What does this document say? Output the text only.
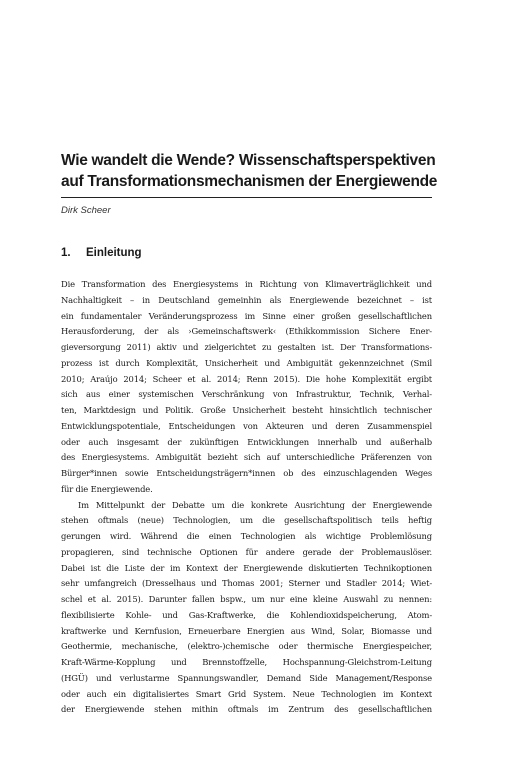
Wie wandelt die Wende? Wissenschaftsperspektiven
auf Transformationsmechanismen der Energiewende
Dirk Scheer
1. Einleitung
Die Transformation des Energiesystems in Richtung von Klimaverträglichkeit und
Nachhaltigkeit – in Deutschland gemeinhin als Energiewende bezeichnet – ist
ein fundamentaler Veränderungsprozess im Sinne einer großen gesellschaftlichen
Herausforderung, der als ›Gemeinschaftswerk‹ (Ethikkommission Sichere Ener-
gieversorgung 2011) aktiv und zielgerichtet zu gestalten ist. Der Transformations-
prozess ist durch Komplexität, Unsicherheit und Ambiguität gekennzeichnet (Smil
2010; Araújo 2014; Scheer et al. 2014; Renn 2015). Die hohe Komplexität ergibt
sich aus einer systemischen Verschränkung von Infrastruktur, Technik, Verhal-
ten, Marktdesign und Politik. Große Unsicherheit besteht hinsichtlich technischer
Entwicklungspotentiale, Entscheidungen von Akteuren und deren Zusammenspiel
oder auch insgesamt der zukünftigen Entwicklungen innerhalb und außerhalb
des Energiesystems. Ambiguität bezieht sich auf unterschiedliche Präferenzen von
Bürger*innen sowie Entscheidungsträgern*innen ob des einzuschlagenden Weges
für die Energiewende.
Im Mittelpunkt der Debatte um die konkrete Ausrichtung der Energiewende
stehen oftmals (neue) Technologien, um die gesellschaftspolitisch teils heftig
gerungen wird. Während die einen Technologien als wichtige Problemlösung
propagieren, sind technische Optionen für andere gerade der Problemauslöser.
Dabei ist die Liste der im Kontext der Energiewende diskutierten Technikoptionen
sehr umfangreich (Dresselhaus und Thomas 2001; Sterner und Stadler 2014; Wiet-
schel et al. 2015). Darunter fallen bspw., um nur eine kleine Auswahl zu nennen:
flexibilisierte Kohle- und Gas-Kraftwerke, die Kohlendioxidspeicherung, Atom-
kraftwerke und Kernfusion, Erneuerbare Energien aus Wind, Solar, Biomasse und
Geothermie, mechanische, (elektro-)chemische oder thermische Energiespeicher,
Kraft-Wärme-Kopplung und Brennstoffzelle, Hochspannung-Gleichstrom-Leitung
(HGÜ) und verlustarme Spannungswandler, Demand Side Management/Response
oder auch ein digitalisiertes Smart Grid System. Neue Technologien im Kontext
der Energiewende stehen mithin oftmals im Zentrum des gesellschaftlichen
